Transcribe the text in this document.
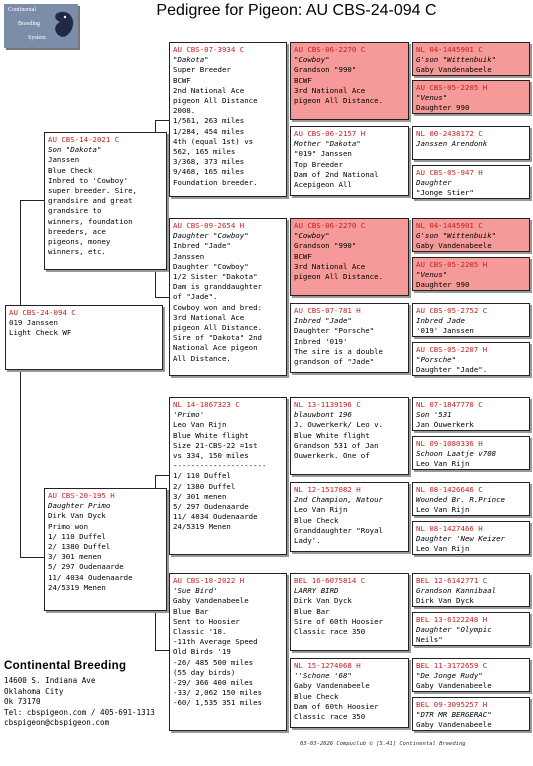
Continental
Breeding
System
Pedigree for Pigeon: AU CBS-24-094 C
AU CBS-24-094 C
019 Janssen
Light Check WF
AU CBS-14-2021 C
Son "Dakota"
Janssen
Blue Check
Inbred to 'Cowboy'
super breeder. Sire,
grandsire and great
grandsire to
winners, foundation
breeders, ace
pigeons, money
winners, etc.
AU CBS-20-195 H
Daughter Primo
Dirk Van Dyck
Primo won
1/ 110 Duffel
2/ 1380 Duffel
3/ 301 menen
5/ 297 Oudenaarde
11/ 4034 Oudenaarde
24/5319 Menen
AU CBS-07-3934 C
"Dakota"
Super Breeder
BCWF
2nd National Ace
pigeon All Distance
2008.
1/561, 263 miles
1/284, 454 miles
4th (equal 1st) vs
562, 165 miles
3/368, 373 miles
9/468, 165 miles
Foundation breeder.
AU CBS-09-2654 H
Daughter "Cowboy"
Inbred "Jade"
Janssen
Daughter "Cowboy"
1/2 Sister "Dakota"
Dam is granddaughter
of "Jade".
Cowboy won and bred:
3rd National Ace
pigeon All Distance.
Sire of "Dakota" 2nd
National Ace pigeon
All Distance.
NL 14-1867323 C
'Primo'
Leo Van Rijn
Blue White flight
Size 21-CBS-22 =1st
vs 334, 150 miles
---------------------
1/ 110 Duffel
2/ 1380 Duffel
3/ 301 menen
5/ 297 Oudenaarde
11/ 4034 Oudenaarde
24/5319 Menen
AU CBS-18-2022 H
'Sue Bird'
Gaby Vandenabeele
Blue Bar
Sent to Hoosier
Classic '18.
-11th Average Speed
Old Birds '19
-26/ 485 500 miles
(55 day birds)
-29/ 366 400 miles
-33/ 2,062 150 miles
-60/ 1,535 351 miles
AU CBS-06-2270 C
"Cowboy"
Grandson "990"
BCWF
3rd National Ace
pigeon All Distance.
AU CBS-06-2157 H
Mother "Dakota"
"019" Janssen
Top Breeder
Dam of 2nd National
Acepigeon All
AU CBS-06-2270 C
"Cowboy"
Grandson "990"
BCWF
3rd National Ace
pigeon All Distance.
AU CBS-07-781 H
Inbred "Jade"
Daughter "Porsche"
Inbred '019'
The sire is a double
grandson of "Jade"
NL 13-1139196 C
blauwbont 196
J. Ouwerkerk/ Leo v.
Blue White flight
Grandson 531 of Jan
Ouwerkerk. One of
NL 12-1517082 H
2nd Champion, Natour
Leo Van Rijn
Blue Check
Granddaughter "Royal
Lady'.
BEL 16-6075814 C
LARRY BIRD
Dirk Van Dyck
Blue Bar
Sire of 60th Hoosier
Classic race 350
NL 15-1274068 H
''Schone '68"
Gaby Vandenabeele
Blue Check
Dam of 60th Hoosier
Classic race 350
NL 04-1445901 C
G'son "Wittenbuik"
Gaby Vandenabeele
AU CBS-05-2205 H
"Venus"
Daughter 990
NL 00-2438172 C
Janssen Arendonk
AU CBS-05-947 H
Daughter
"Jonge Stier"
NL 04-1445901 C
G'son "Wittenbuik"
Gaby Vandenabeele
AU CBS-05-2205 H
"Venus"
Daughter 990
AU CBS-05-2752 C
Inbred Jade
'019' Janssen
AU CBS-05-2207 H
"Porsche"
Daughter "Jade".
NL 07-1847770 C
Son '531
Jan Ouwerkerk
NL 09-1080336 H
Schoon Laatje v708
Leo Van Rijn
NL 08-1426646 C
Wounded Br. R.Prince
Leo Van Rijn
NL 08-1427466 H
Daughter 'New Keizer
Leo Van Rijn
BEL 12-6142771 C
Grandson Kannibaal
Dirk Van Dyck
BEL 13-6122248 H
Daughter "Olympic
Neils"
BEL 11-3172659 C
"De Jonge Rudy"
Gaby Vandenabeele
BEL 09-3095257 H
"DTR MR BERGERAC"
Gaby Vandenabeele
Continental Breeding
14600 S. Indiana Ave
Oklahoma City
Ok 73170
Tel: cbspigeon.com / 405-691-1313
cbspigeon@cbspigeon.com
03-03-2026 Compuclub © [5.41] Continental Breeding
